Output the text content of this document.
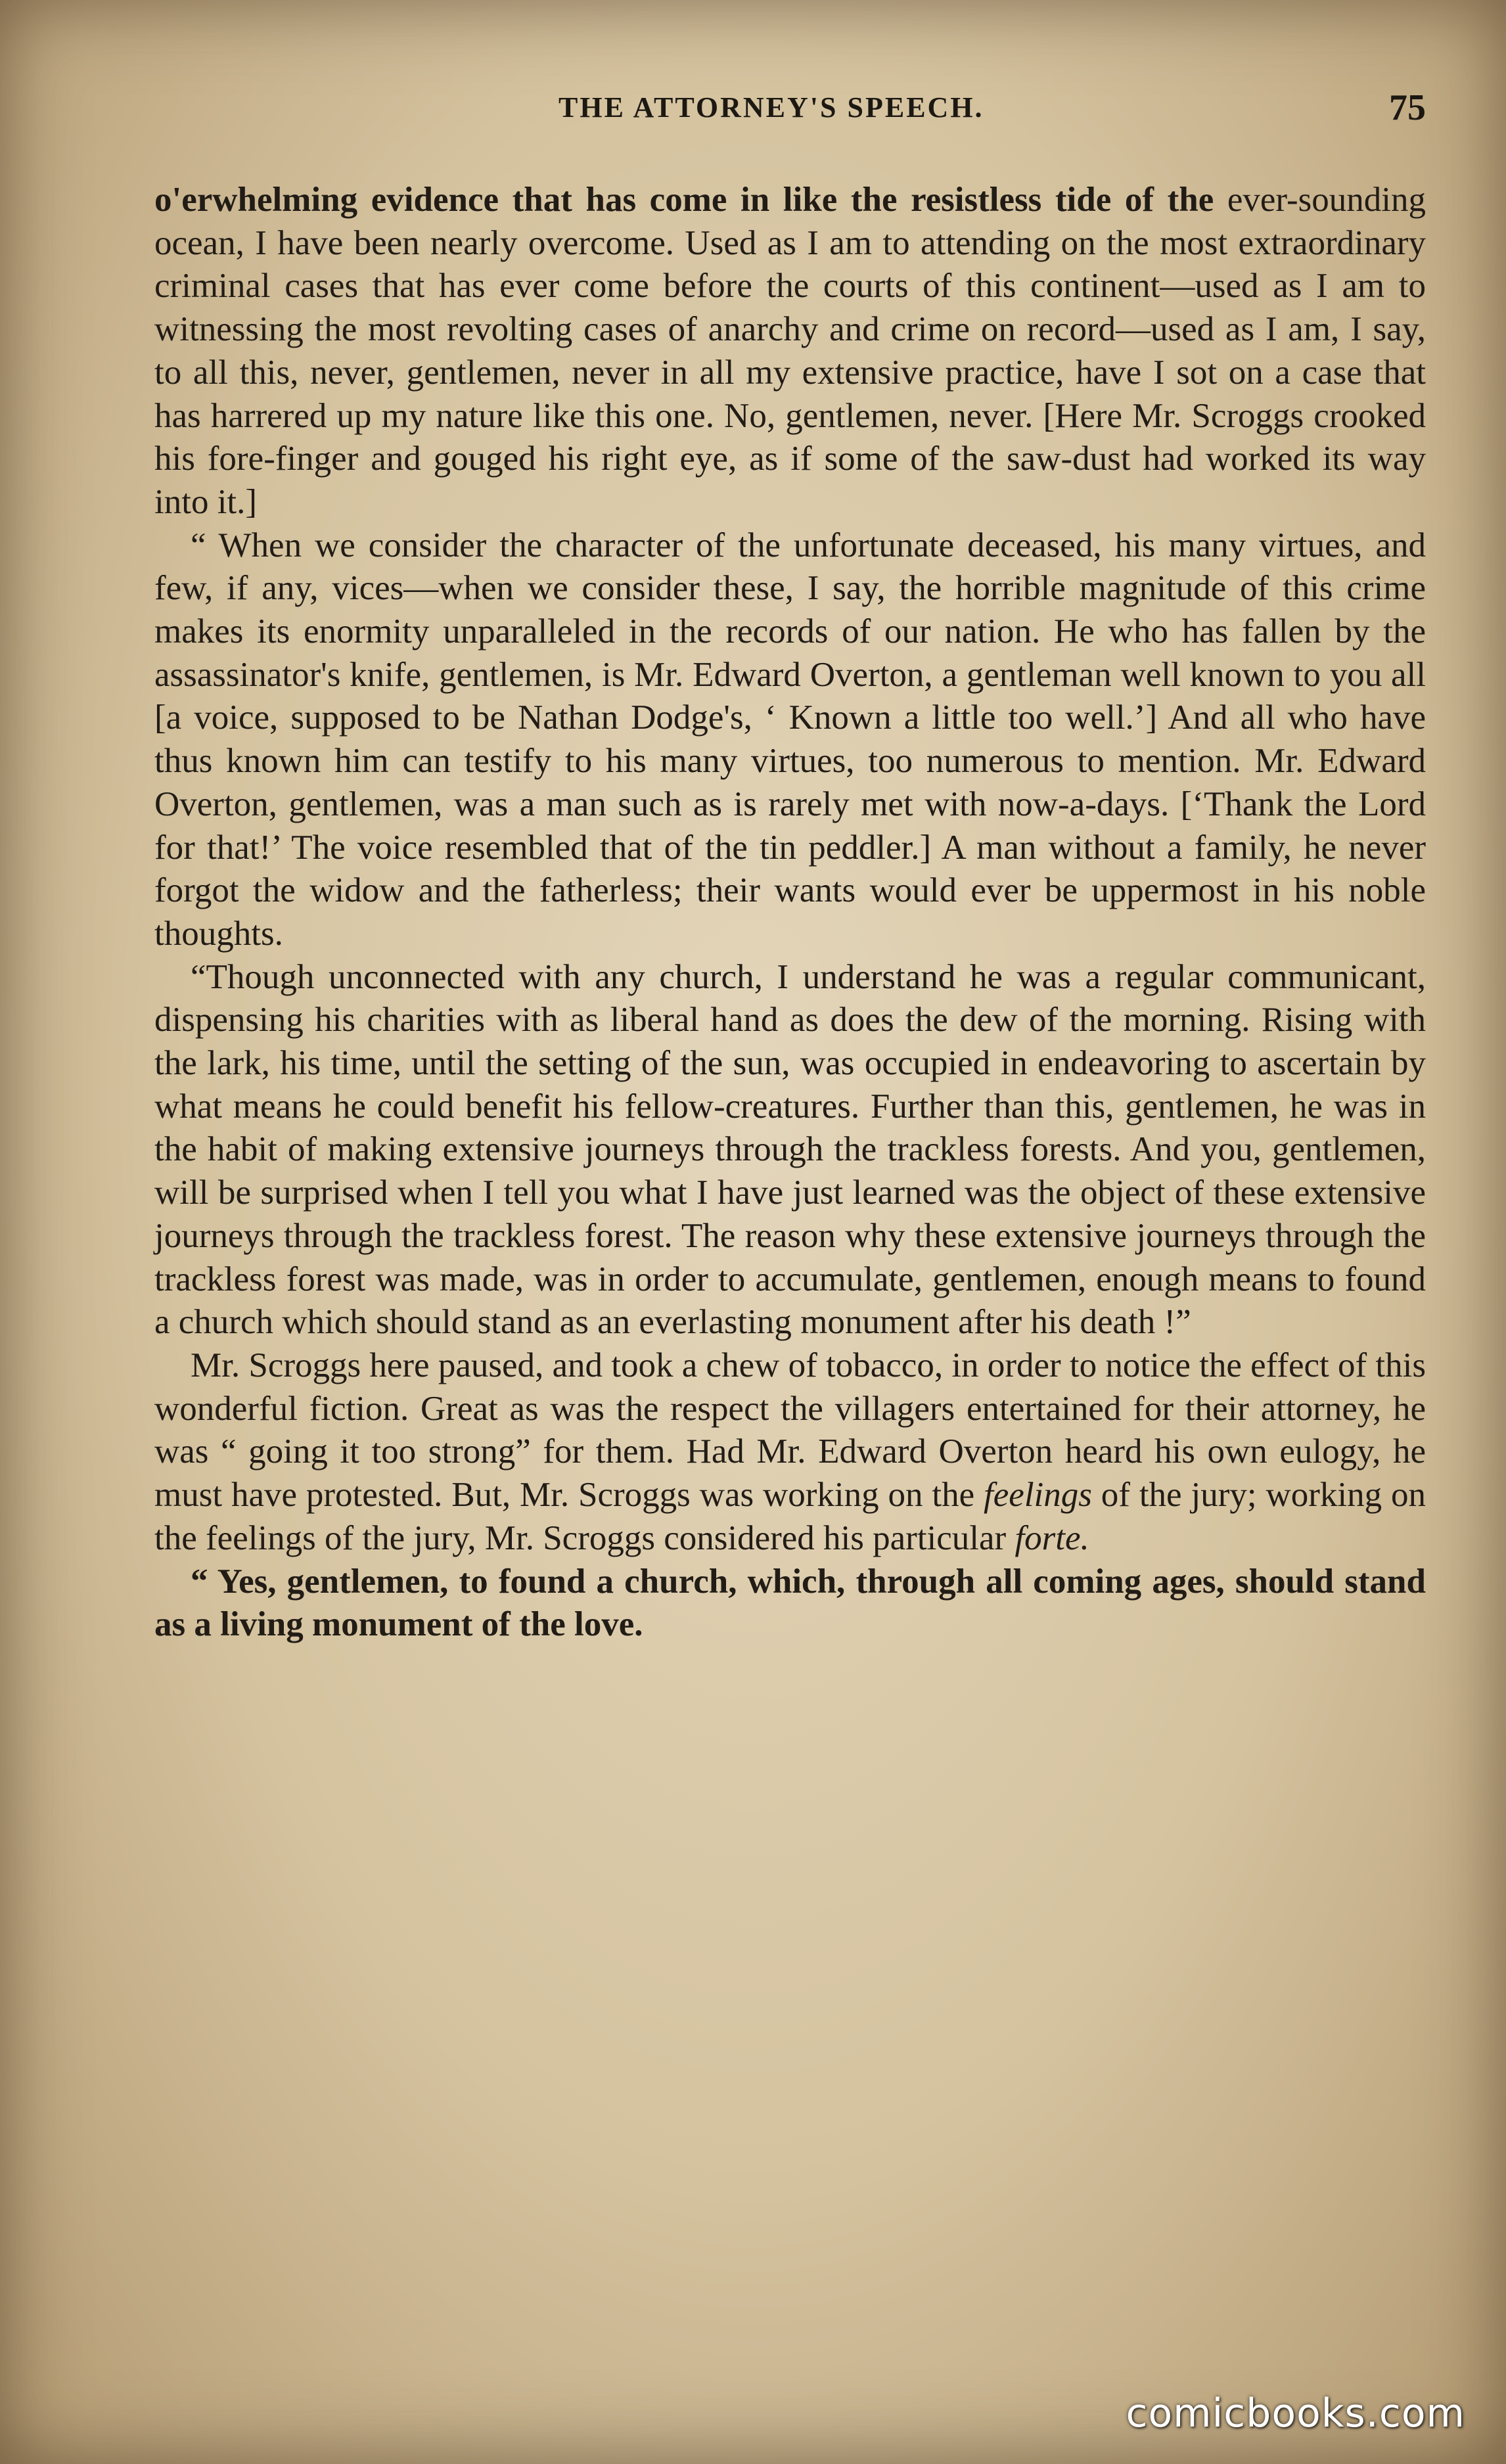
THE ATTORNEY'S SPEECH.	75

o'erwhelming evidence that has come in like the resistless tide of the ever-sounding ocean, I have been nearly overcome. Used as I am to attending on the most extraordinary criminal cases that has ever come before the courts of this continent—used as I am to witnessing the most revolting cases of anarchy and crime on record—used as I am, I say, to all this, never, gentlemen, never in all my extensive practice, have I sot on a case that has harrered up my nature like this one. No, gentlemen, never. [Here Mr. Scroggs crooked his fore-finger and gouged his right eye, as if some of the saw-dust had worked its way into it.]

“ When we consider the character of the unfortunate deceased, his many virtues, and few, if any, vices—when we consider these, I say, the horrible magnitude of this crime makes its enormity unparalleled in the records of our nation. He who has fallen by the assassinator's knife, gentlemen, is Mr. Edward Overton, a gentleman well known to you all [a voice, supposed to be Nathan Dodge's, ‘ Known a little too well.’] And all who have thus known him can testify to his many virtues, too numerous to mention. Mr. Edward Overton, gentlemen, was a man such as is rarely met with now-a-days. [‘Thank the Lord for that!’ The voice resembled that of the tin peddler.] A man without a family, he never forgot the widow and the fatherless; their wants would ever be uppermost in his noble thoughts.

“Though unconnected with any church, I understand he was a regular communicant, dispensing his charities with as liberal hand as does the dew of the morning. Rising with the lark, his time, until the setting of the sun, was occupied in endeavoring to ascertain by what means he could benefit his fellow-creatures. Further than this, gentlemen, he was in the habit of making extensive journeys through the trackless forests. And you, gentlemen, will be surprised when I tell you what I have just learned was the object of these extensive journeys through the trackless forest. The reason why these extensive journeys through the trackless forest was made, was in order to accumulate, gentlemen, enough means to found a church which should stand as an everlasting monument after his death !”

Mr. Scroggs here paused, and took a chew of tobacco, in order to notice the effect of this wonderful fiction. Great as was the respect the villagers entertained for their attorney, he was “ going it too strong” for them. Had Mr. Edward Overton heard his own eulogy, he must have protested. But, Mr. Scroggs was working on the feelings of the jury; working on the feelings of the jury, Mr. Scroggs considered his particular forte.

“ Yes, gentlemen, to found a church, which, through all coming ages, should stand as a living monument of the love.

comicbooks.com
